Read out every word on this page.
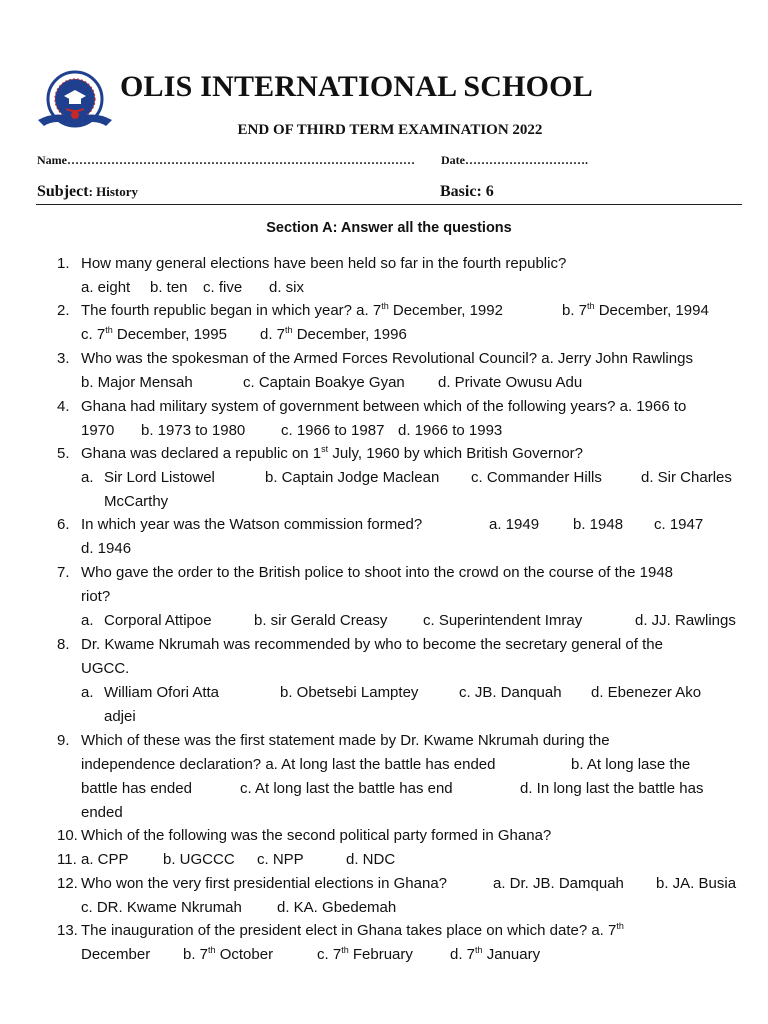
OLIS INTERNATIONAL SCHOOL
END OF THIRD TERM EXAMINATION 2022
Name…………………………………………………………………………… Date………………………….
Subject: History	Basic: 6
Section A: Answer all the questions
1. How many general elections have been held so far in the fourth republic?
a. eight b. ten c. five d. six
2. The fourth republic began in which year? a. 7th December, 1992	b. 7th December, 1994
c. 7th December, 1995 d. 7th December, 1996
3. Who was the spokesman of the Armed Forces Revolutional Council? a. Jerry John Rawlings
b. Major Mensah	c. Captain Boakye Gyan d. Private Owusu Adu
4. Ghana had military system of government between which of the following years? a. 1966 to
1970 b. 1973 to 1980 c. 1966 to 1987 d. 1966 to 1993
5. Ghana was declared a republic on 1st July, 1960 by which British Governor?
a. Sir Lord Listowel	b. Captain Jodge Maclean c. Commander Hills	d. Sir Charles
McCarthy
6. In which year was the Watson commission formed?	a. 1949 b. 1948 c. 1947
d. 1946
7. Who gave the order to the British police to shoot into the crowd on the course of the 1948
riot?
a. Corporal Attipoe	b. sir Gerald Creasy c. Superintendent Imray	d. JJ. Rawlings
8. Dr. Kwame Nkrumah was recommended by who to become the secretary general of the
UGCC.
a. William Ofori Atta	b. Obetsebi Lamptey	c. JB. Danquah d. Ebenezer Ako
adjei
9. Which of these was the first statement made by Dr. Kwame Nkrumah during the
independence declaration? a. At long last the battle has ended	b. At long lase the
battle has ended	c. At long last the battle has end	d. In long last the battle has
ended
10. Which of the following was the second political party formed in Ghana?
11. a. CPP b. UGCCC c. NPP	d. NDC
12. Who won the very first presidential elections in Ghana?	a. Dr. JB. Damquah b. JA. Busia
c. DR. Kwame Nkrumah d. KA. Gbedemah
13. The inauguration of the president elect in Ghana takes place on which date? a. 7th
December b. 7th October	c. 7th February d. 7th January
